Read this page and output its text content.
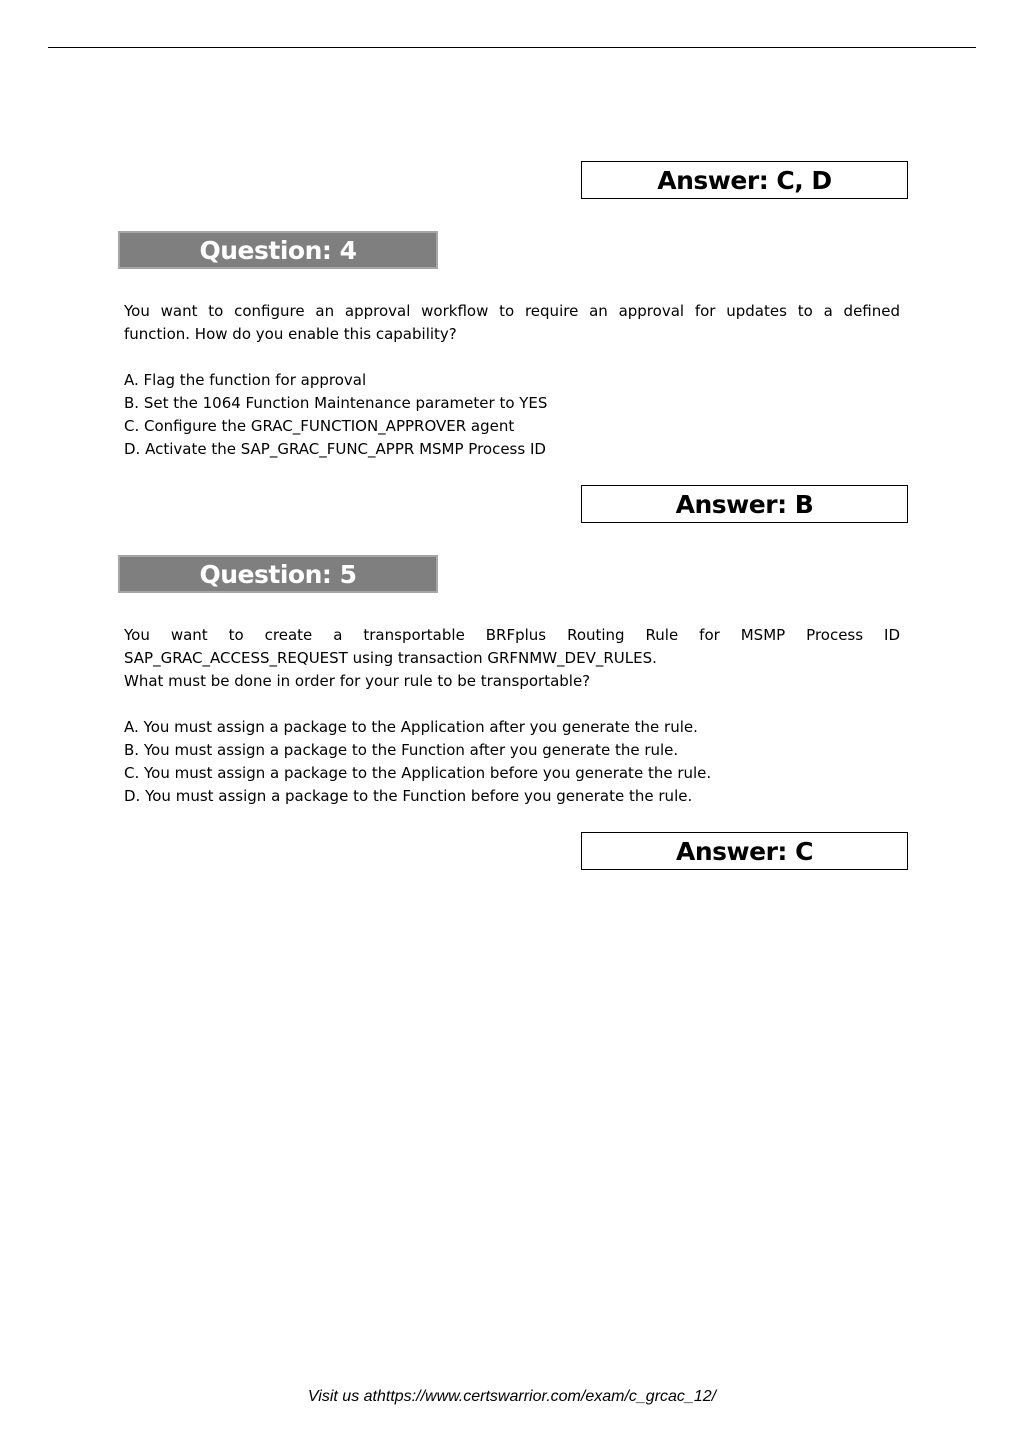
Answer: C, D
Question: 4

You want to configure an approval workflow to require an approval for updates to a defined

function. How do you enable this capability?

A. Flag the function for approval
B. Set the 1064 Function Maintenance parameter to YES
C. Configure the GRAC_FUNCTION_APPROVER agent
D. Activate the SAP_GRAC_FUNC_APPR MSMP Process ID
Answer: B
Question: 5

You want to create a transportable BRFplus Routing Rule for MSMP Process ID

SAP_GRAC_ACCESS_REQUEST using transaction GRFNMW_DEV_RULES.

What must be done in order for your rule to be transportable?

A. You must assign a package to the Application after you generate the rule.
B. You must assign a package to the Function after you generate the rule.
C. You must assign a package to the Application before you generate the rule.
D. You must assign a package to the Function before you generate the rule.
Answer: C
Visit us athttps://www.certswarrior.com/exam/c_grcac_12/
